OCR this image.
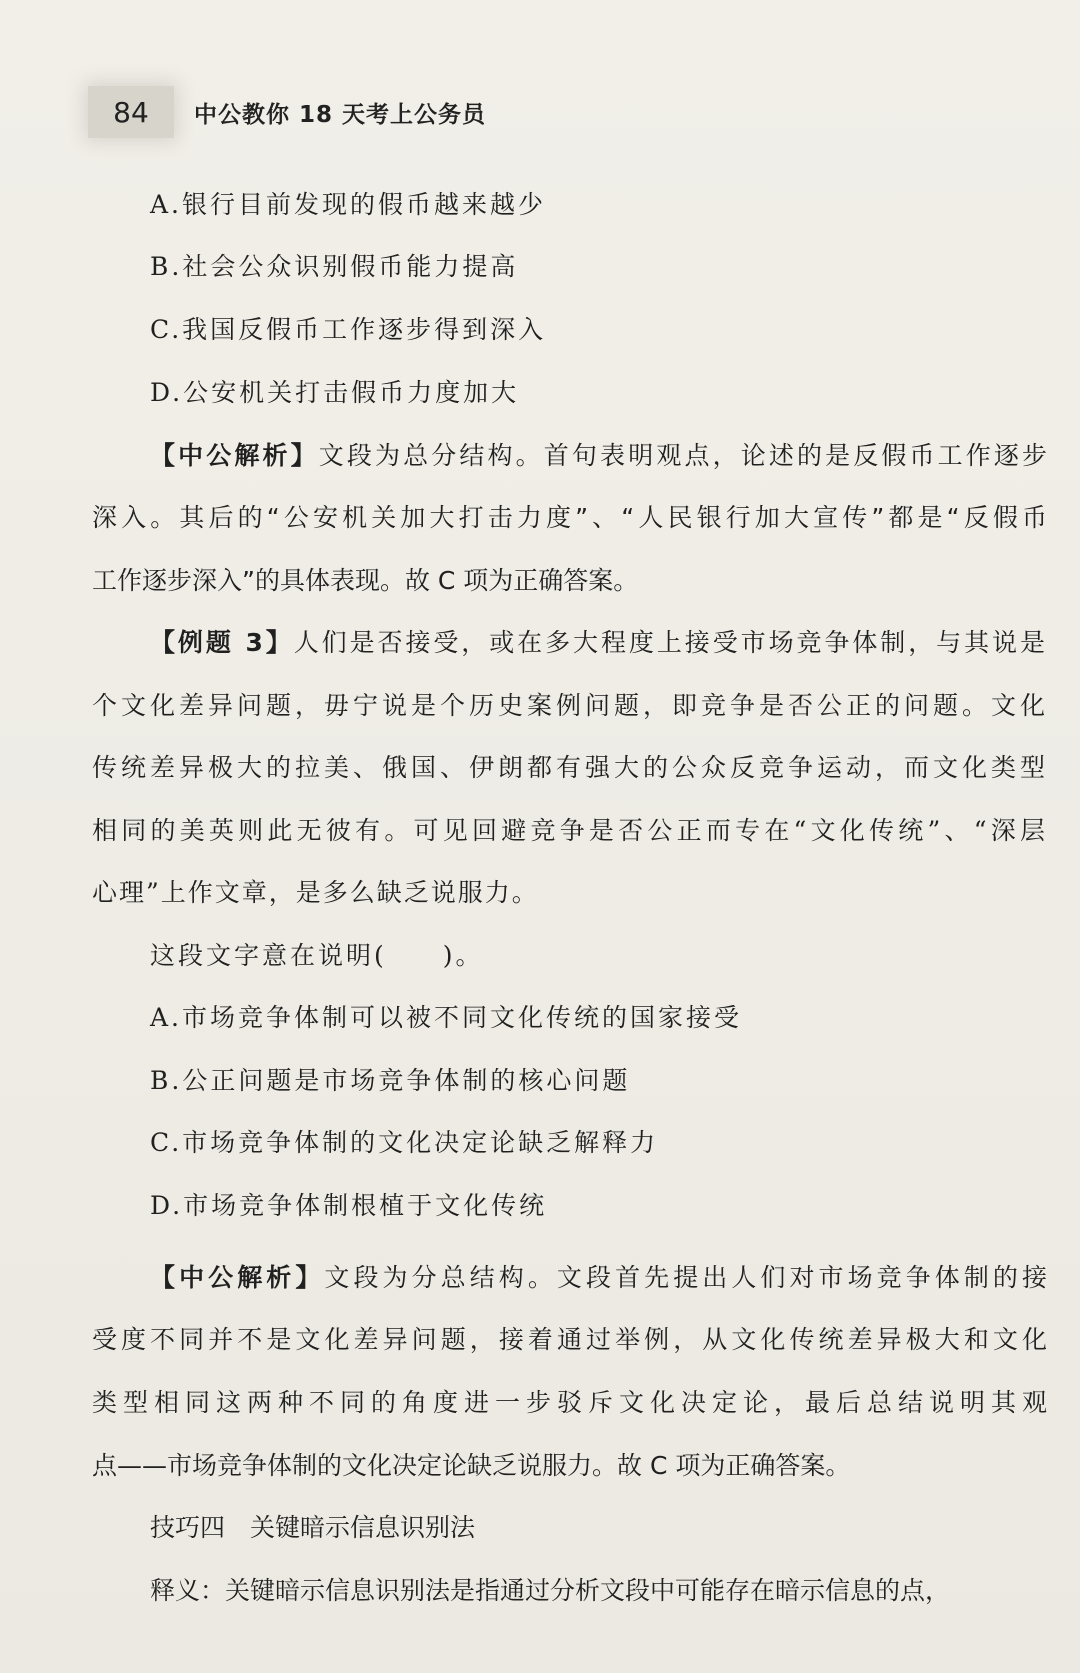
84	中公教你 18 天考上公务员
A.银行目前发现的假币越来越少
B.社会公众识别假币能力提高
C.我国反假币工作逐步得到深入
D.公安机关打击假币力度加大
【中公解析】文段为总分结构。首句表明观点，论述的是反假币工作逐步
深入。其后的“公安机关加大打击力度”、“人民银行加大宣传”都是“反假币
工作逐步深入”的具体表现。故 C 项为正确答案。
【例题 3】人们是否接受，或在多大程度上接受市场竞争体制，与其说是
个文化差异问题，毋宁说是个历史案例问题，即竞争是否公正的问题。文化
传统差异极大的拉美、俄国、伊朗都有强大的公众反竞争运动，而文化类型
相同的美英则此无彼有。可见回避竞争是否公正而专在“文化传统”、“深层
心理”上作文章，是多么缺乏说服力。
这段文字意在说明(　　)。
A.市场竞争体制可以被不同文化传统的国家接受
B.公正问题是市场竞争体制的核心问题
C.市场竞争体制的文化决定论缺乏解释力
D.市场竞争体制根植于文化传统
【中公解析】文段为分总结构。文段首先提出人们对市场竞争体制的接
受度不同并不是文化差异问题，接着通过举例，从文化传统差异极大和文化
类型相同这两种不同的角度进一步驳斥文化决定论，最后总结说明其观
点——市场竞争体制的文化决定论缺乏说服力。故 C 项为正确答案。
技巧四　关键暗示信息识别法
释义：关键暗示信息识别法是指通过分析文段中可能存在暗示信息的点，
